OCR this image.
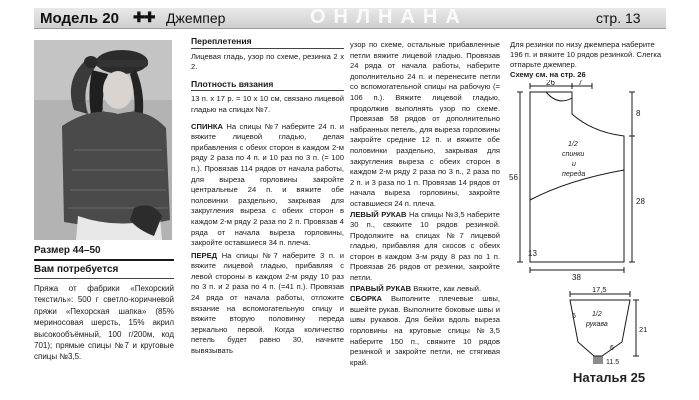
Модель 20 ✚✚ Джемпер	ОНЛНАНА	стр. 13
Размер 44–50
Вам потребуется
Пряжа от фабрики «Пехорский текстиль»: 500 г светло-коричневой пряжи «Пехорская шапка» (85% мериносовая шерсть, 15% акрил высокообъёмный, 100 г/200м, код 701); прямые спицы №7 и круговые спицы №3,5.
Переплетения
Лицевая гладь, узор по схеме, резинка 2 х 2.
Плотность вязания
13 п. х 17 р. = 10 х 10 см, связано лицевой гладью на спицах №7.
СПИНКА На спицы №7 наберите 24 п. и вяжите лицевой гладью, делая прибавления с обеих сторон в каждом 2-м ряду 2 раза по 4 п. и 10 раз по 3 п. (= 100 п.). Провязав 114 рядов от начала работы, для выреза горловины закройте центральные 24 п. и вяжите обе половинки раздельно, закрывая для закругления выреза с обеих сторон в каждом 2-м ряду 2 раза по 2 п. Провязав 4 ряда от начала выреза горловины, закройте оставшиеся 34 п. плеча.
ПЕРЕД На спицы №7 наберите 3 п. и вяжите лицевой гладью, прибавляя с левой стороны в каждом 2-м ряду 10 раз по 3 п. и 2 раза по 4 п. (=41 п.). Провязав 24 ряда от начала работы, отложите вязание на вспомогательную спицу и вяжите вторую половинку переда зеркально первой. Когда количество петель будет равно 30, начните вывязывать
узор по схеме, остальные прибавленные петли вяжите лицевой гладью. Провязав 24 ряда от начала работы, наберите дополнительно 24 п. и перенесите петли со вспомогательной спицы на рабочую (= 106 п.). Вяжите лицевой гладью, продолжив выполнять узор по схеме. Провязав 58 рядов от дополнительно набранных петель, для выреза горловины закройте средние 12 п. и вяжите обе половинки раздельно, закрывая для закругления выреза с обеих сторон в каждом 2-м ряду 2 раза по 3 п., 2 раза по 2 п. и 3 раза по 1 п. Провязав 14 рядов от начала выреза горловины, закройте оставшиеся 24 п. плеча.
ЛЕВЫЙ РУКАВ На спицы №3,5 наберите 30 п., свяжите 10 рядов резинкой. Продолжите на спицах №7 лицевой гладью, прибавляя для скосов с обеих сторон в каждом 3-м ряду 8 раз по 1 п. Провязав 26 рядов от резинки, закройте петли.
ПРАВЫЙ РУКАВ Вяжите, как левый.
СБОРКА Выполните плечевые швы, вшейте рукав. Выполните боковые швы и швы рукавов. Для бейки вдоль выреза горловины на круговые спицы №3,5 наберите 150 п., свяжите 10 рядов резинкой и закройте петли, не стягивая край.
Для резинки по низу джемпера наберите 196 п. и вяжите 10 рядов резинкой. Слегка отпарьте джемпер.
Схему см. на стр. 26
26	7
8
28
56
1/2
спинки
и
переда
13
38
17,5
5 1/2
рукава
21
6
11,5
Наталья 25
